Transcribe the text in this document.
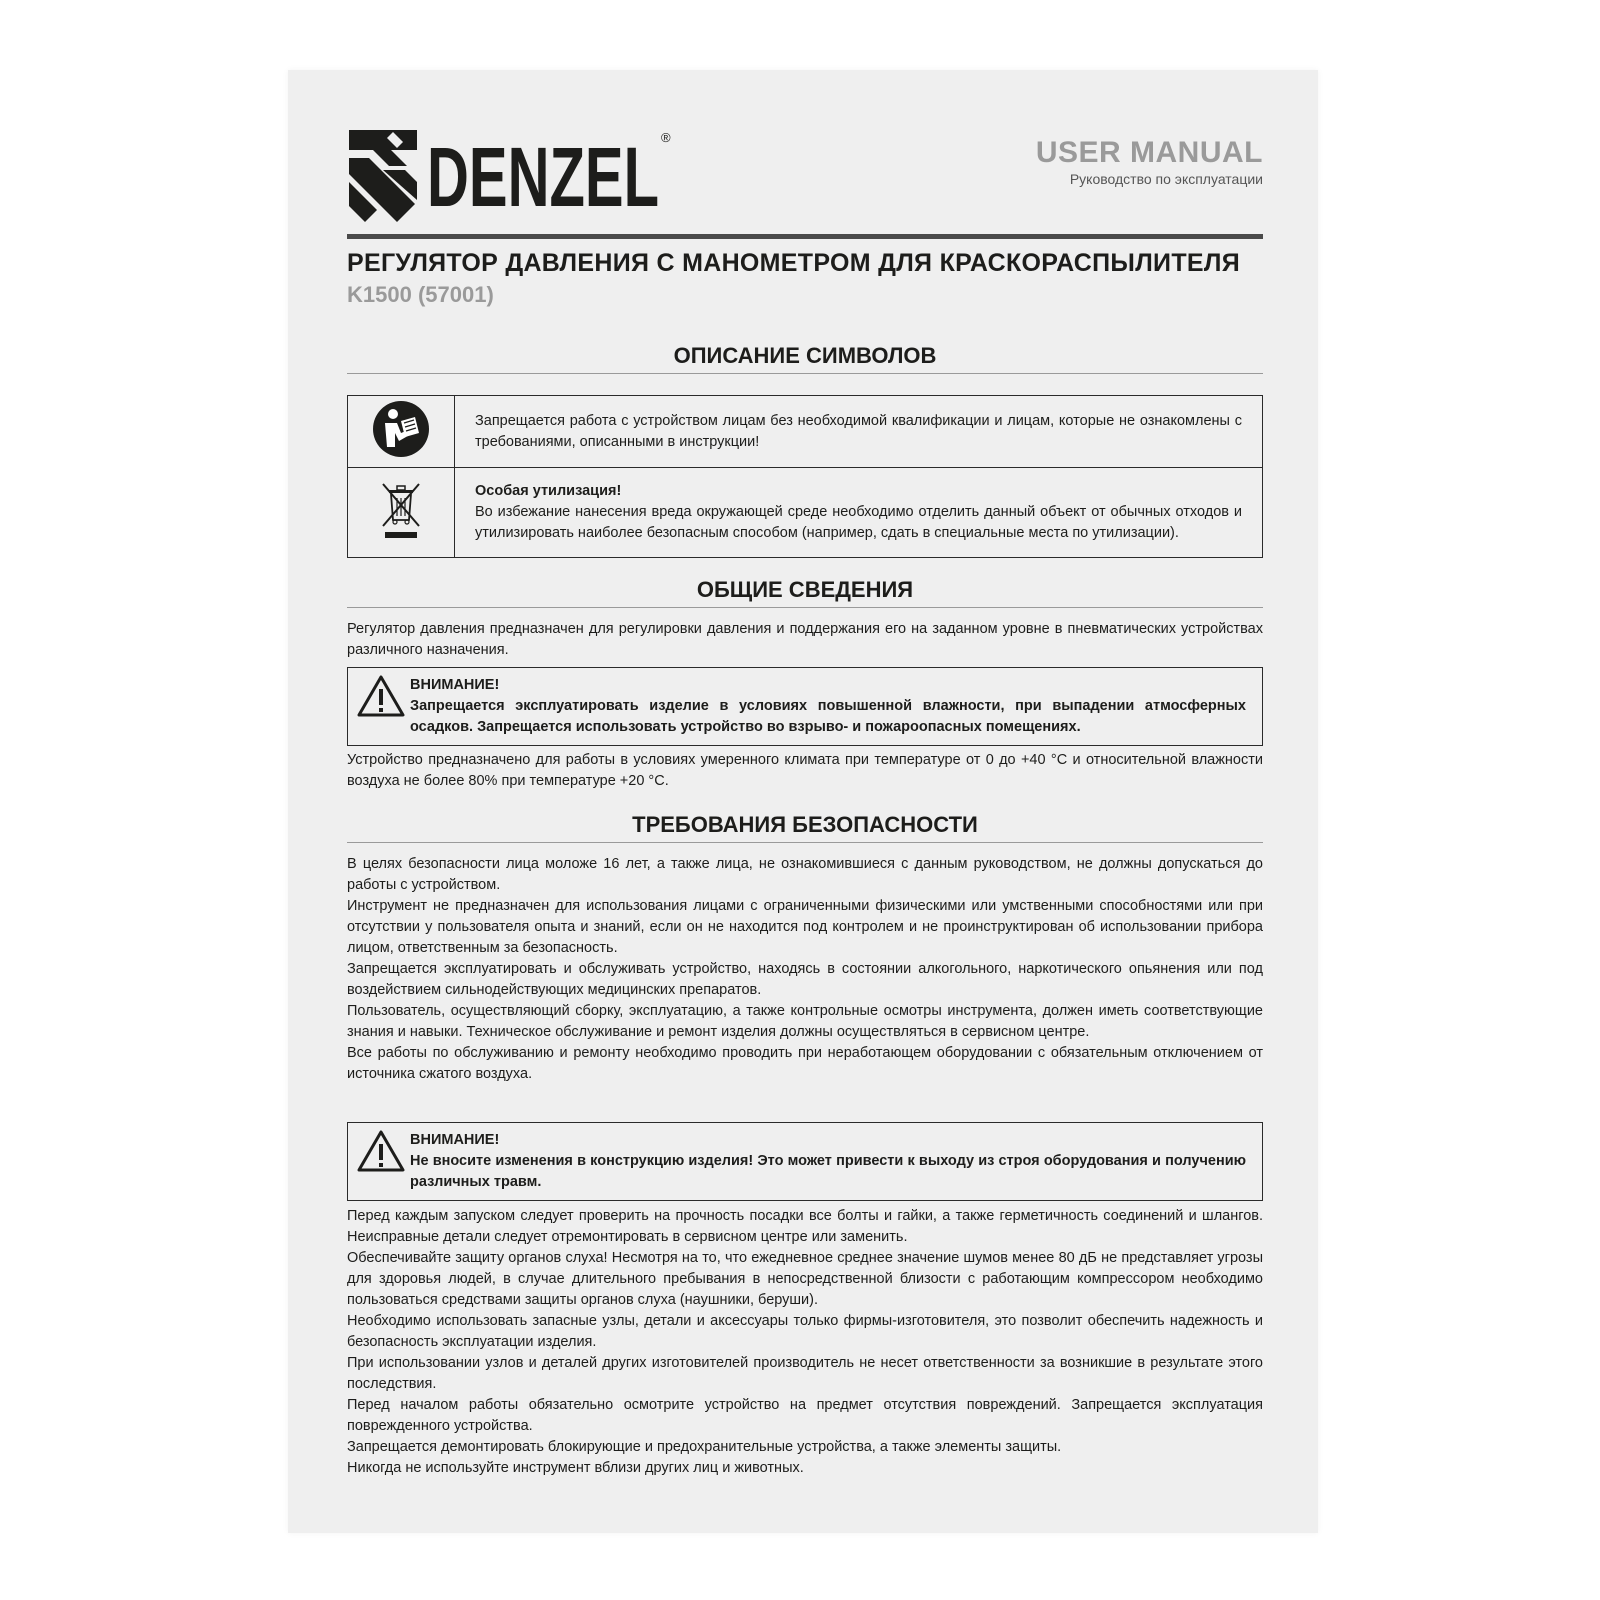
DENZEL ®	USER MANUAL
Руководство по эксплуатации
РЕГУЛЯТОР ДАВЛЕНИЯ С МАНОМЕТРОМ ДЛЯ КРАСКОРАСПЫЛИТЕЛЯ
K1500 (57001)
ОПИСАНИЕ СИМВОЛОВ
	Запрещается работа с устройством лицам без необходимой квалификации и лицам, которые не ознакомлены с требованиями, описанными в инструкции!

Особая утилизация!
Во избежание нанесения вреда окружающей среде необходимо отделить данный объект от обычных отходов и утилизировать наиболее безопасным способом (например, сдать в специальные места по утилизации).
ОБЩИЕ СВЕДЕНИЯ

Регулятор давления предназначен для регулировки давления и поддержания его на заданном уровне в пневматических устройствах различного назначения.

ВНИМАНИЕ!
Запрещается эксплуатировать изделие в условиях повышенной влажности, при выпадении атмосферных осадков. Запрещается использовать устройство во взрыво- и пожароопасных помещениях.

Устройство предназначено для работы в условиях умеренного климата при температуре от 0 до +40 °С и относительной влажности воздуха не более 80% при температуре +20 °С.

ТРЕБОВАНИЯ БЕЗОПАСНОСТИ

В целях безопасности лица моложе 16 лет, а также лица, не ознакомившиеся с данным руководством, не должны допускаться до работы с устройством.

Инструмент не предназначен для использования лицами с ограниченными физическими или умственными способностями или при отсутствии у пользователя опыта и знаний, если он не находится под контролем и не проинструктирован об использовании прибора лицом, ответственным за безопасность.

Запрещается эксплуатировать и обслуживать устройство, находясь в состоянии алкогольного, наркотического опьянения или под воздействием сильнодействующих медицинских препаратов.

Пользователь, осуществляющий сборку, эксплуатацию, а также контрольные осмотры инструмента, должен иметь соответствующие знания и навыки. Техническое обслуживание и ремонт изделия должны осуществляться в сервисном центре.

Все работы по обслуживанию и ремонту необходимо проводить при неработающем оборудовании с обязательным отключением от источника сжатого воздуха.

ВНИМАНИЕ!
Не вносите изменения в конструкцию изделия! Это может привести к выходу из строя оборудования и получению различных травм.

Перед каждым запуском следует проверить на прочность посадки все болты и гайки, а также герметичность соединений и шлангов. Неисправные детали следует отремонтировать в сервисном центре или заменить.

Обеспечивайте защиту органов слуха! Несмотря на то, что ежедневное среднее значение шумов менее 80 дБ не представляет угрозы для здоровья людей, в случае длительного пребывания в непосредственной близости с работающим компрессором необходимо пользоваться средствами защиты органов слуха (наушники, беруши).

Необходимо использовать запасные узлы, детали и аксессуары только фирмы-изготовителя, это позволит обеспечить надежность и безопасность эксплуатации изделия.

При использовании узлов и деталей других изготовителей производитель не несет ответственности за возникшие в результате этого последствия.

Перед началом работы обязательно осмотрите устройство на предмет отсутствия повреждений. Запрещается эксплуатация поврежденного устройства.

Запрещается демонтировать блокирующие и предохранительные устройства, а также элементы защиты.

Никогда не используйте инструмент вблизи других лиц и животных.
